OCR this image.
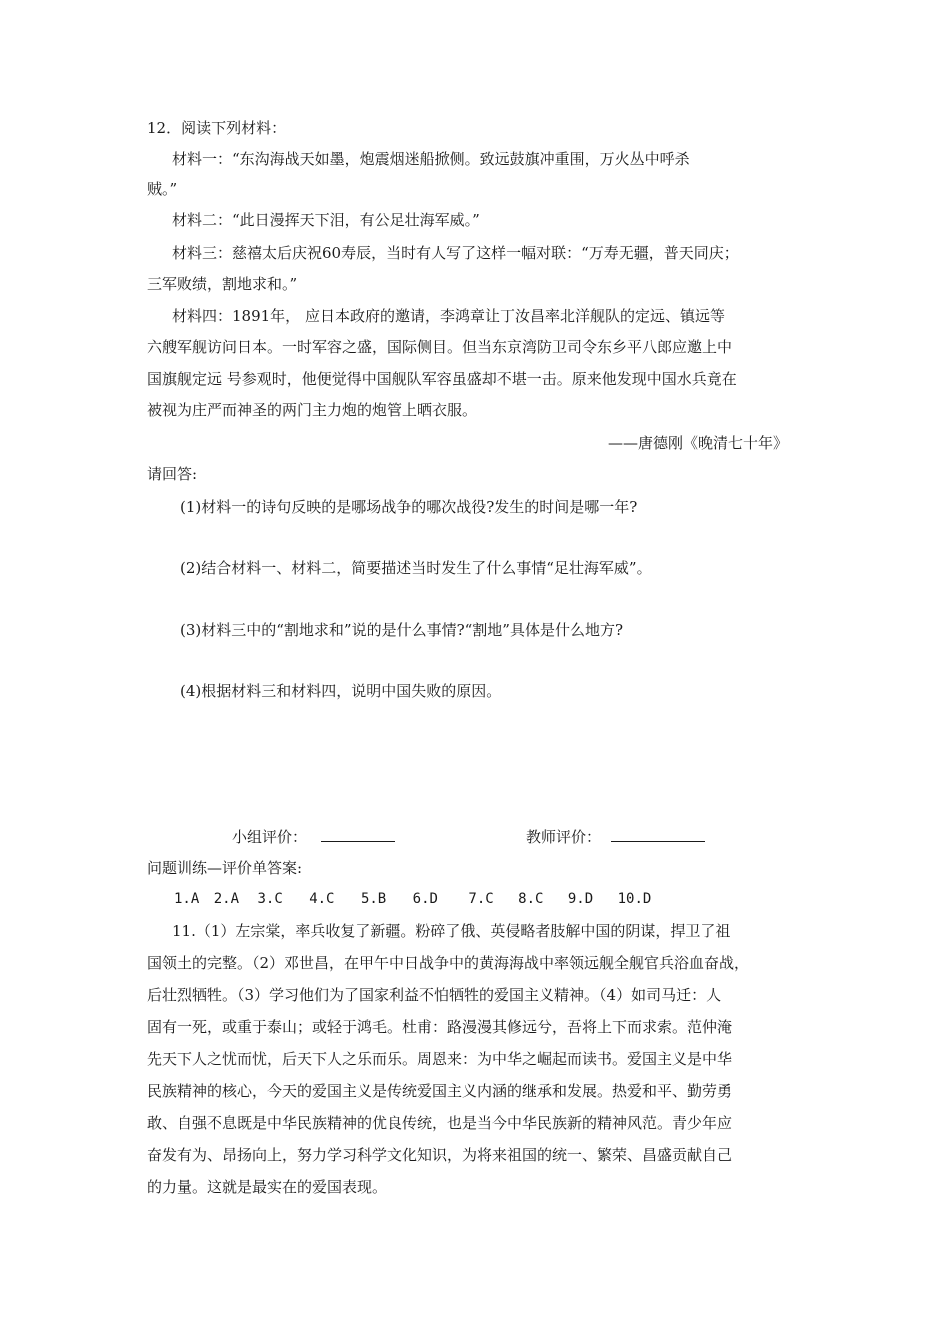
12．阅读下列材料：
材料一：“东沟海战天如墨，炮震烟迷船掀侧。致远鼓旗冲重围，万火丛中呼杀
贼。”
材料二：“此日漫挥天下泪，有公足壮海军威。”
材料三：慈禧太后庆祝60寿辰，当时有人写了这样一幅对联：“万寿无疆，普天同庆；
三军败绩，割地求和。”
材料四：1891年， 应日本政府的邀请，李鸿章让丁汝昌率北洋舰队的定远、镇远等
六艘军舰访问日本。一时军容之盛，国际侧目。但当东京湾防卫司令东乡平八郎应邀上中
国旗舰定远 号参观时，他便觉得中国舰队军容虽盛却不堪一击。原来他发现中国水兵竟在
被视为庄严而神圣的两门主力炮的炮管上晒衣服。
——唐德刚《晚清七十年》
请回答:
(1)材料一的诗句反映的是哪场战争的哪次战役?发生的时间是哪一年?
(2)结合材料一、材料二，简要描述当时发生了什么事情“足壮海军威”。
(3)材料三中的“割地求和”说的是什么事情?“割地”具体是什么地方?
(4)根据材料三和材料四，说明中国失败的原因。
小组评价：	教师评价：
问题训练—评价单答案:
1.A 2.A 3.C 4.C 5.B 6.D 7.C 8.C 9.D 10.D
11.（1）左宗棠，率兵收复了新疆。粉碎了俄、英侵略者肢解中国的阴谋，捍卫了祖
国领土的完整。（2）邓世昌，在甲午中日战争中的黄海海战中率领远舰全舰官兵浴血奋战，
后壮烈牺牲。（3）学习他们为了国家利益不怕牺牲的爱国主义精神。（4）如司马迁：人
固有一死，或重于泰山；或轻于鸿毛。杜甫：路漫漫其修远兮，吾将上下而求索。范仲淹
先天下人之忧而忧，后天下人之乐而乐。周恩来：为中华之崛起而读书。爱国主义是中华
民族精神的核心，今天的爱国主义是传统爱国主义内涵的继承和发展。热爱和平、勤劳勇
敢、自强不息既是中华民族精神的优良传统，也是当今中华民族新的精神风范。青少年应
奋发有为、昂扬向上，努力学习科学文化知识，为将来祖国的统一、繁荣、昌盛贡献自己
的力量。这就是最实在的爱国表现。
